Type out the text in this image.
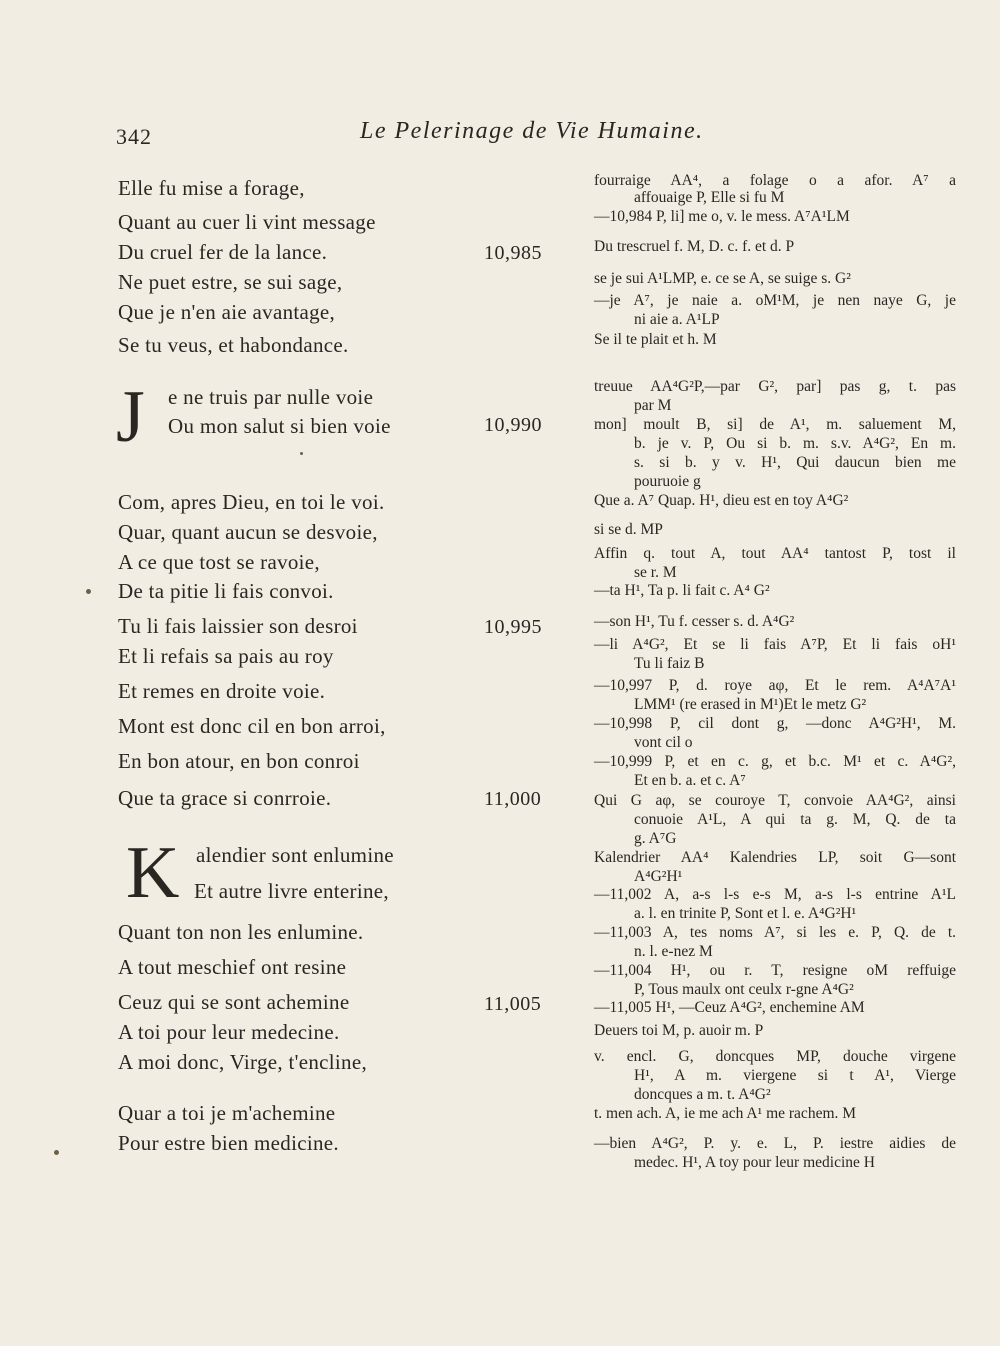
342	Le Pelerinage de Vie Humaine.
Elle fu mise a forage,
Quant au cuer li vint message
Du cruel fer de la lance.
Ne puet estre, se sui sage,
Que je n'en aie avantage,
Se tu veus, et habondance.
J e ne truis par nulle voie
Ou mon salut si bien voie
Com, apres Dieu, en toi le voi.
Quar, quant aucun se desvoie,
A ce que tost se ravoie,
De ta pitie li fais convoi.
Tu li fais laissier son desroi
Et li refais sa pais au roy
Et remes en droite voie.
Mont est donc cil en bon arroi,
En bon atour, en bon conroi
Que ta grace si conrroie.
K alendier sont enlumine
Et autre livre enterine,
Quant ton non les enlumine.
A tout meschief ont resine
Ceuz qui se sont achemine
A toi pour leur medecine.
A moi donc, Virge, t'encline,
Quar a toi je m'achemine
Pour estre bien medicine.
10,985
10,990
10,995
11,000
11,005
fourraige AA⁴, a folage o a afor. A⁷ a
affouaige P, Elle si fu M
—10,984 P, li] me o, v. le mess. A⁷A¹LM
Du trescruel f. M, D. c. f. et d. P
se je sui A¹LMP, e. ce se A, se suige s. G²
—je A⁷, je naie a. oM¹M, je nen naye G, je
ni aie a. A¹LP
Se il te plait et h. M
treuue AA⁴G²P,—par G², par] pas g, t. pas
par M
mon] moult B, si] de A¹, m. saluement M,
b. je v. P, Ou si b. m. s.v. A⁴G², En m.
s. si b. y v. H¹, Qui daucun bien me
pouruoie g
Que a. A⁷ Quap. H¹, dieu est en toy A⁴G²
si se d. MP
Affin q. tout A, tout AA⁴ tantost P, tost il
se r. M
—ta H¹, Ta p. li fait c. A⁴ G²
—son H¹, Tu f. cesser s. d. A⁴G²
—li A⁴G², Et se li fais A⁷P, Et li fais oH¹
Tu li faiz B
—10,997 P, d. roye aφ, Et le rem. A⁴A⁷A¹
LMM¹ (re erased in M¹)Et le metz G²
—10,998 P, cil dont g, —donc A⁴G²H¹, M.
vont cil o
—10,999 P, et en c. g, et b.c. M¹ et c. A⁴G²,
Et en b. a. et c. A⁷
Qui G aφ, se couroye T, convoie AA⁴G², ainsi
conuoie A¹L, A qui ta g. M, Q. de ta
g. A⁷G
Kalendrier AA⁴ Kalendries LP, soit G—sont
A⁴G²H¹
—11,002 A, a-s l-s e-s M, a-s l-s entrine A¹L
a. l. en trinite P, Sont et l. e. A⁴G²H¹
—11,003 A, tes noms A⁷, si les e. P, Q. de t.
n. l. e-nez M
—11,004 H¹, ou r. T, resigne oM reffuige
P, Tous maulx ont ceulx r-gne A⁴G²
—11,005 H¹, —Ceuz A⁴G², enchemine AM
Deuers toi M, p. auoir m. P
v. encl. G, doncques MP, douche virgene
H¹, A m. viergene si t A¹, Vierge
doncques a m. t. A⁴G²
t. men ach. A, ie me ach A¹ me rachem. M
—bien A⁴G², P. y. e. L, P. iestre aidies de
medec. H¹, A toy pour leur medicine H
